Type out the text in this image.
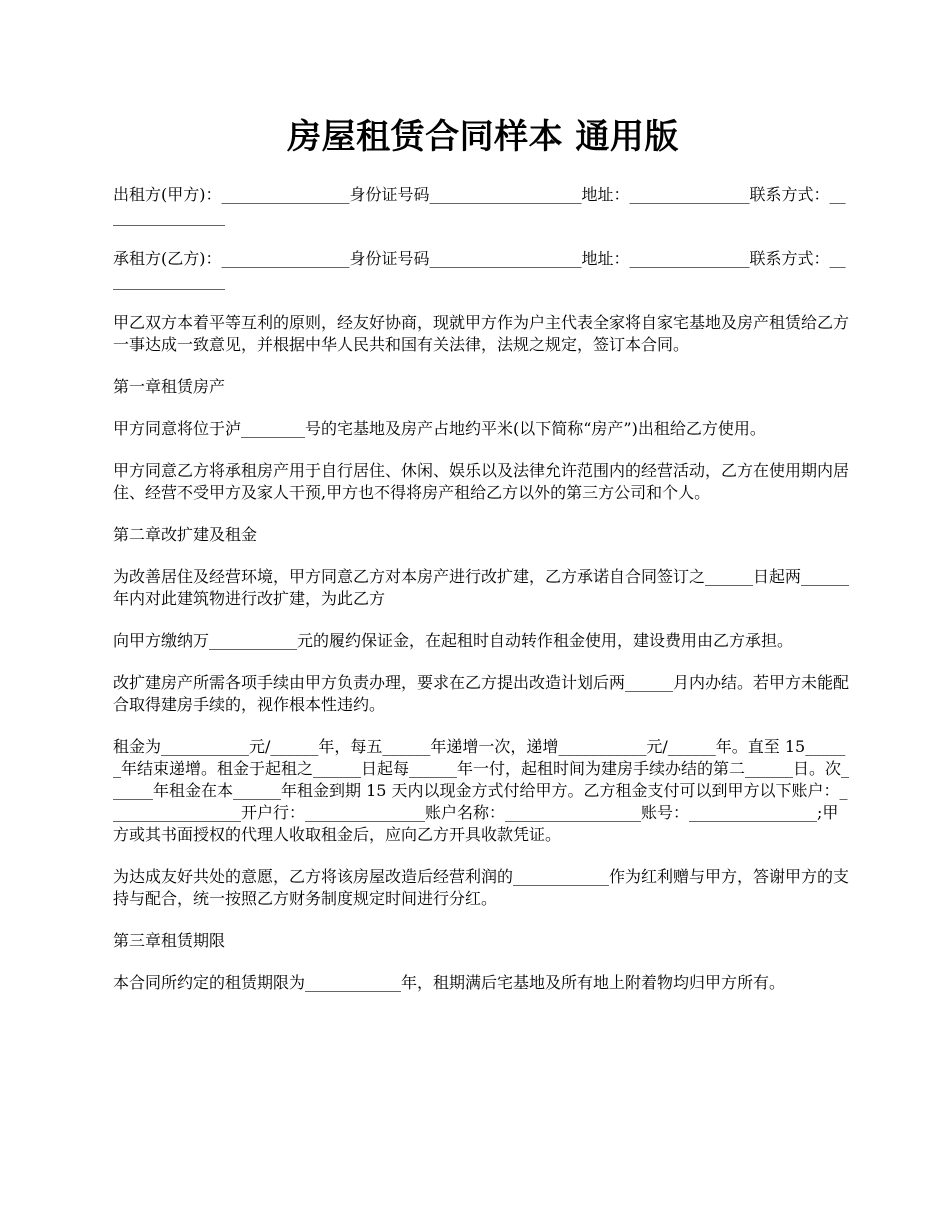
房屋租赁合同样本 通用版

出租方(甲方)：________________身份证号码___________________地址：_______________联系方式：________________

承租方(乙方)：________________身份证号码___________________地址：_______________联系方式：________________

甲乙双方本着平等互利的原则，经友好协商，现就甲方作为户主代表全家将自家宅基地及房产租赁给乙方一事达成一致意见，并根据中华人民共和国有关法律，法规之规定，签订本合同。

第一章租赁房产

甲方同意将位于泸________号的宅基地及房产占地约平米(以下简称“房产”)出租给乙方使用。

甲方同意乙方将承租房产用于自行居住、休闲、娱乐以及法律允许范围内的经营活动，乙方在使用期内居住、经营不受甲方及家人干预,甲方也不得将房产租给乙方以外的第三方公司和个人。

第二章改扩建及租金

为改善居住及经营环境，甲方同意乙方对本房产进行改扩建，乙方承诺自合同签订之______日起两______年内对此建筑物进行改扩建，为此乙方

向甲方缴纳万___________元的履约保证金，在起租时自动转作租金使用，建设费用由乙方承担。

改扩建房产所需各项手续由甲方负责办理，要求在乙方提出改造计划后两______月内办结。若甲方未能配合取得建房手续的，视作根本性违约。

租金为___________元/______年，每五______年递增一次，递增___________元/______年。直至 15______年结束递增。租金于起租之______日起每______年一付，起租时间为建房手续办结的第二______日。次______年租金在本______年租金到期 15 天内以现金方式付给甲方。乙方租金支付可以到甲方以下账户：_________________开户行：_______________账户名称：_________________账号：________________;甲方或其书面授权的代理人收取租金后，应向乙方开具收款凭证。

为达成友好共处的意愿，乙方将该房屋改造后经营利润的____________作为红利赠与甲方，答谢甲方的支持与配合，统一按照乙方财务制度规定时间进行分红。

第三章租赁期限

本合同所约定的租赁期限为____________年，租期满后宅基地及所有地上附着物均归甲方所有。
